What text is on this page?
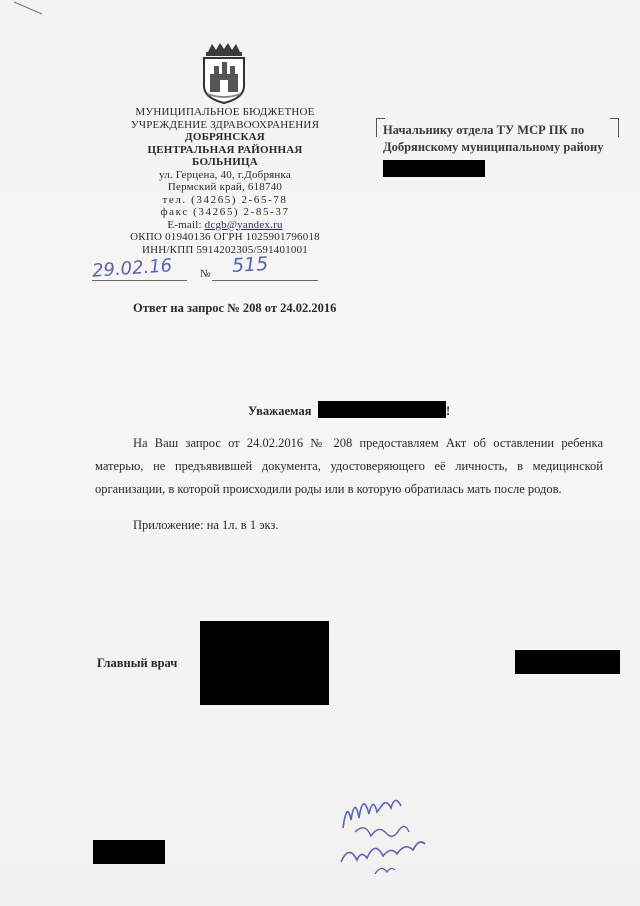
МУНИЦИПАЛЬНОЕ БЮДЖЕТНОЕ
УЧРЕЖДЕНИЕ ЗДРАВООХРАНЕНИЯ
ДОБРЯНСКАЯ
ЦЕНТРАЛЬНАЯ РАЙОННАЯ
БОЛЬНИЦА
ул. Герцена, 40, г.Добрянка
Пермский край, 618740
тел. (34265) 2-65-78
факс (34265) 2-85-37
E-mail: dcgb@yandex.ru
ОКПО 01940136 ОГРН 1025901796018
ИНН/КПП 5914202305/591401001
29.02.16 № 515
Ответ на запрос № 208 от 24.02.2016
Начальнику отдела ТУ МСР ПК по
Добрянскому муниципальному району
Уважаемая	!
На Ваш запрос от 24.02.2016 № 208 предоставляем Акт об оставлении ребенка матерью, не предъявившей документа, удостоверяющего её личность, в медицинской организации, в которой происходили роды или в которую обратилась мать после родов.
Приложение: на 1л. в 1 экз.
Главный врач
